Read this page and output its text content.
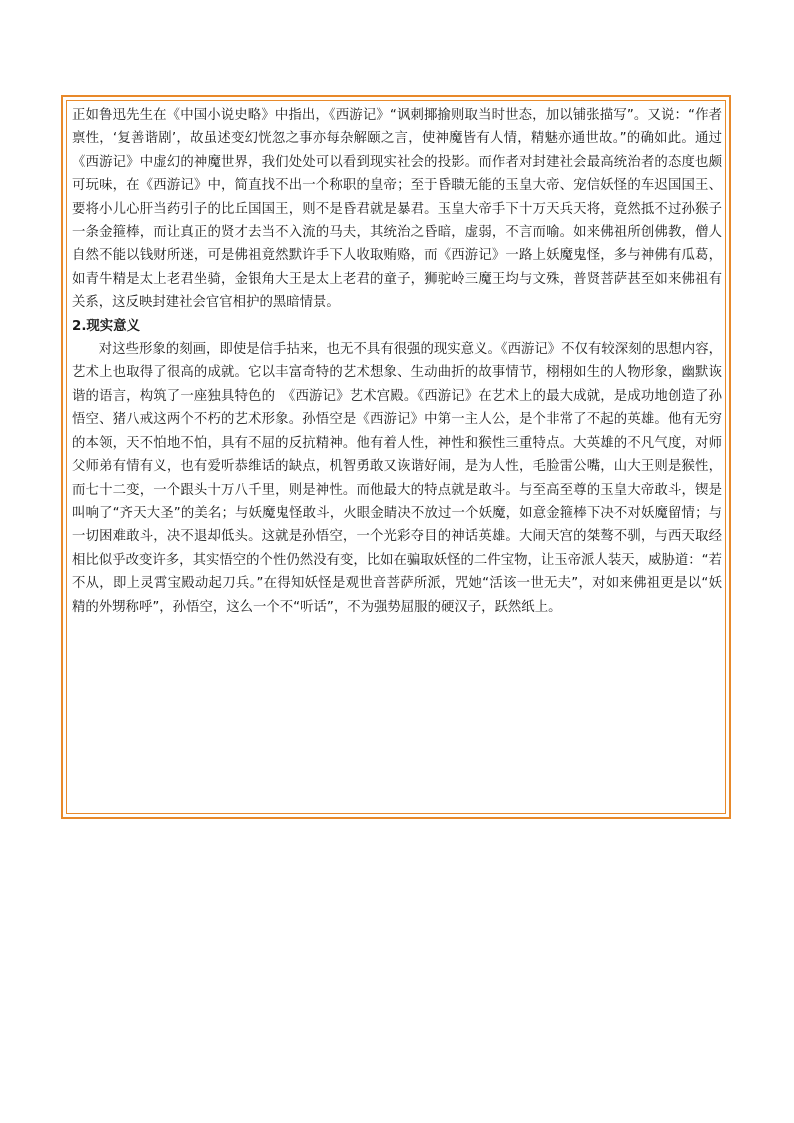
正如鲁迅先生在《中国小说史略》中指出，《西游记》“讽刺揶揄则取当时世态，加以铺张描写”。又说：“作者禀性，‘复善谐剧’，故虽述变幻恍忽之事亦每杂解颐之言，使神魔皆有人情，精魅亦通世故。”的确如此。通过《西游记》中虚幻的神魔世界，我们处处可以看到现实社会的投影。而作者对封建社会最高统治者的态度也颇可玩味，在《西游记》中，简直找不出一个称职的皇帝；至于昏聩无能的玉皇大帝、宠信妖怪的车迟国国王、要将小儿心肝当药引子的比丘国国王，则不是昏君就是暴君。玉皇大帝手下十万天兵天将，竟然抵不过孙猴子一条金箍棒，而让真正的贤才去当不入流的马夫，其统治之昏暗，虚弱，不言而喻。如来佛祖所创佛教，僧人自然不能以钱财所迷，可是佛祖竟然默许手下人收取贿赂，而《西游记》一路上妖魔鬼怪，多与神佛有瓜葛，如青牛精是太上老君坐骑，金银角大王是太上老君的童子，狮驼岭三魔王均与文殊，普贤菩萨甚至如来佛祖有关系，这反映封建社会官官相护的黑暗情景。

2.现实意义

对这些形象的刻画，即使是信手拈来，也无不具有很强的现实意义。《西游记》不仅有较深刻的思想内容，艺术上也取得了很高的成就。它以丰富奇特的艺术想象、生动曲折的故事情节，栩栩如生的人物形象，幽默诙谐的语言，构筑了一座独具特色的　《西游记》艺术宫殿。《西游记》在艺术上的最大成就，是成功地创造了孙悟空、猪八戒这两个不朽的艺术形象。孙悟空是《西游记》中第一主人公，是个非常了不起的英雄。他有无穷的本领，天不怕地不怕，具有不屈的反抗精神。他有着人性，神性和猴性三重特点。大英雄的不凡气度，对师父师弟有情有义，也有爱听恭维话的缺点，机智勇敢又诙谐好闹，是为人性，毛脸雷公嘴，山大王则是猴性，而七十二变，一个跟头十万八千里，则是神性。而他最大的特点就是敢斗。与至高至尊的玉皇大帝敢斗，锲是叫响了“齐天大圣”的美名；与妖魔鬼怪敢斗，火眼金睛决不放过一个妖魔，如意金箍棒下决不对妖魔留情；与一切困难敢斗，决不退却低头。这就是孙悟空，一个光彩夺目的神话英雄。大闹天宫的桀骜不驯，与西天取经相比似乎改变许多，其实悟空的个性仍然没有变，比如在骗取妖怪的二件宝物，让玉帝派人装天，威胁道：“若不从，即上灵霄宝殿动起刀兵。”在得知妖怪是观世音菩萨所派，咒她“活该一世无夫”，对如来佛祖更是以“妖精的外甥称呼”，孙悟空，这么一个不“听话”，不为强势屈服的硬汉子，跃然纸上。
